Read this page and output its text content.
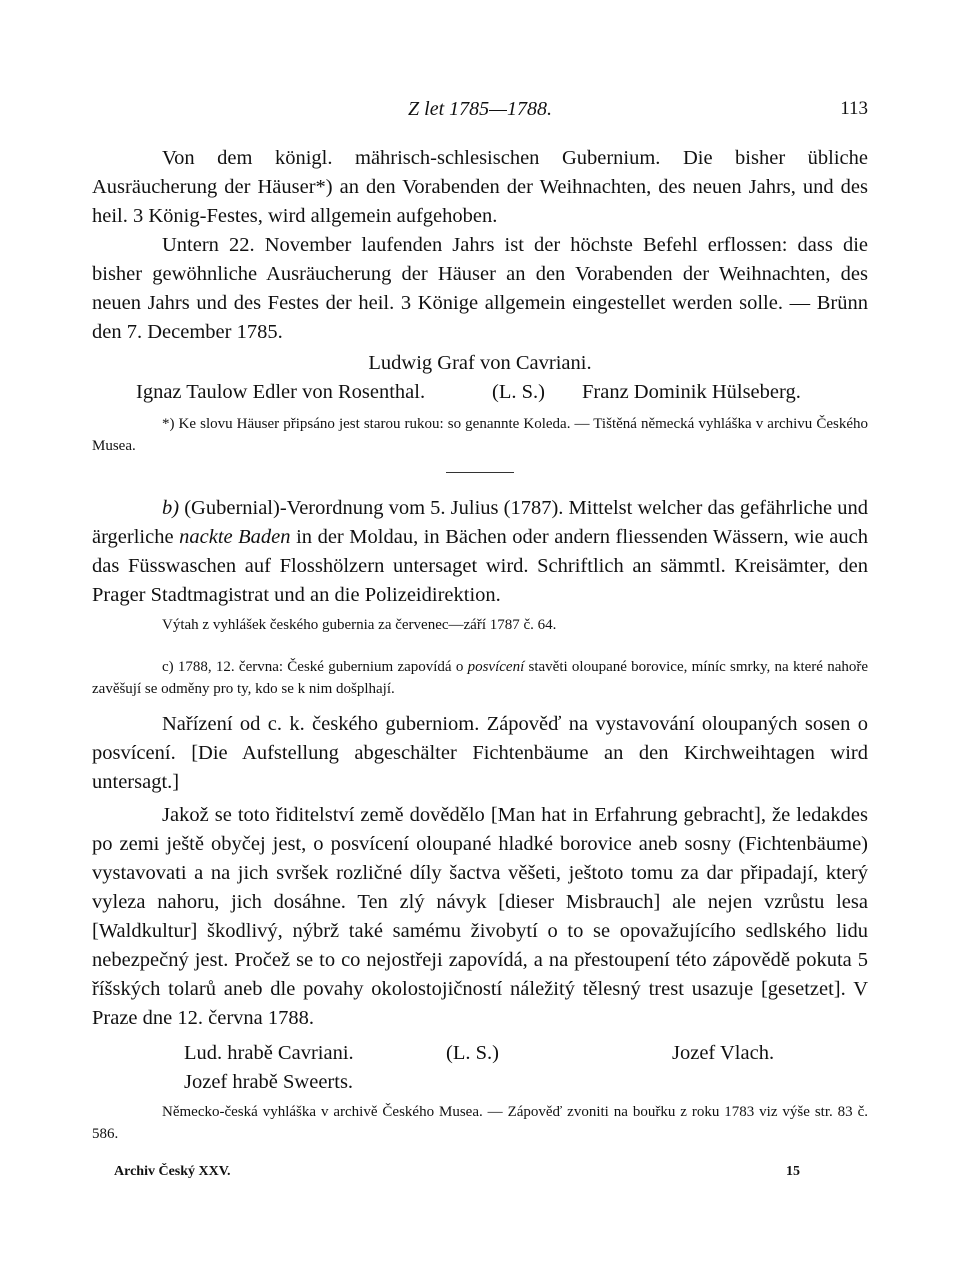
Z let 1785—1788.	113

Von dem königl. mährisch-schlesischen Gubernium. Die bisher übliche Ausräucherung der Häuser*) an den Vorabenden der Weihnachten, des neuen Jahrs, und des heil. 3 König-Festes, wird allgemein aufgehoben.

Untern 22. November laufenden Jahrs ist der höchste Befehl erflossen: dass die bisher gewöhnliche Ausräucherung der Häuser an den Vorabenden der Weihnachten, des neuen Jahrs und des Festes der heil. 3 Könige allgemein eingestellet werden solle. — Brünn den 7. December 1785.

Ludwig Graf von Cavriani.

Ignaz Taulow Edler von Rosenthal.	(L. S.) Franz Dominik Hülseberg.

*) Ke slovu Häuser připsáno jest starou rukou: so genannte Koleda. — Tištěná německá vyhláška v archivu Českého Musea.

b) (Gubernial)-Verordnung vom 5. Julius (1787). Mittelst welcher das gefährliche und ärgerliche nackte Baden in der Moldau, in Bächen oder andern fliessenden Wässern, wie auch das Füsswaschen auf Flosshölzern untersaget wird. Schriftlich an sämmtl. Kreisämter, den Prager Stadtmagistrat und an die Polizeidirektion.

Výtah z vyhlášek českého gubernia za červenec—září 1787 č. 64.

c) 1788, 12. června: České gubernium zapovídá o posvícení stavěti oloupané borovice, míníc smrky, na které nahoře zavěšují se odměny pro ty, kdo se k nim došplhají.

Nařízení od c. k. českého guberniom. Zápověď na vystavování oloupaných sosen o posvícení. [Die Aufstellung abgeschälter Fichtenbäume an den Kirchweihtagen wird untersagt.]

Jakož se toto řiditelství země dovědělo [Man hat in Erfahrung gebracht], že ledakdes po zemi ještě obyčej jest, o posvícení oloupané hladké borovice aneb sosny (Fichtenbäume) vystavovati a na jich svršek rozličné díly šactva věšeti, ještoto tomu za dar připadají, který vyleza nahoru, jich dosáhne. Ten zlý návyk [dieser Misbrauch] ale nejen vzrůstu lesa [Waldkultur] škodlivý, nýbrž také samému živobytí o to se opovažujícího sedlského lidu nebezpečný jest. Pročež se to co nejostřeji zapovídá, a na přestoupení této zápovědě pokuta 5 říšských tolarů aneb dle povahy okolostojičností náležitý tělesný trest usazuje [gesetzet]. V Praze dne 12. června 1788.

Lud. hrabě Cavriani.	(L. S.)	Jozef Vlach.
Jozef hrabě Sweerts.

Německo-česká vyhláška v archivě Českého Musea. — Zápověď zvoniti na bouřku z roku 1783 viz výše str. 83 č. 586.

Archiv Český XXV.	15
